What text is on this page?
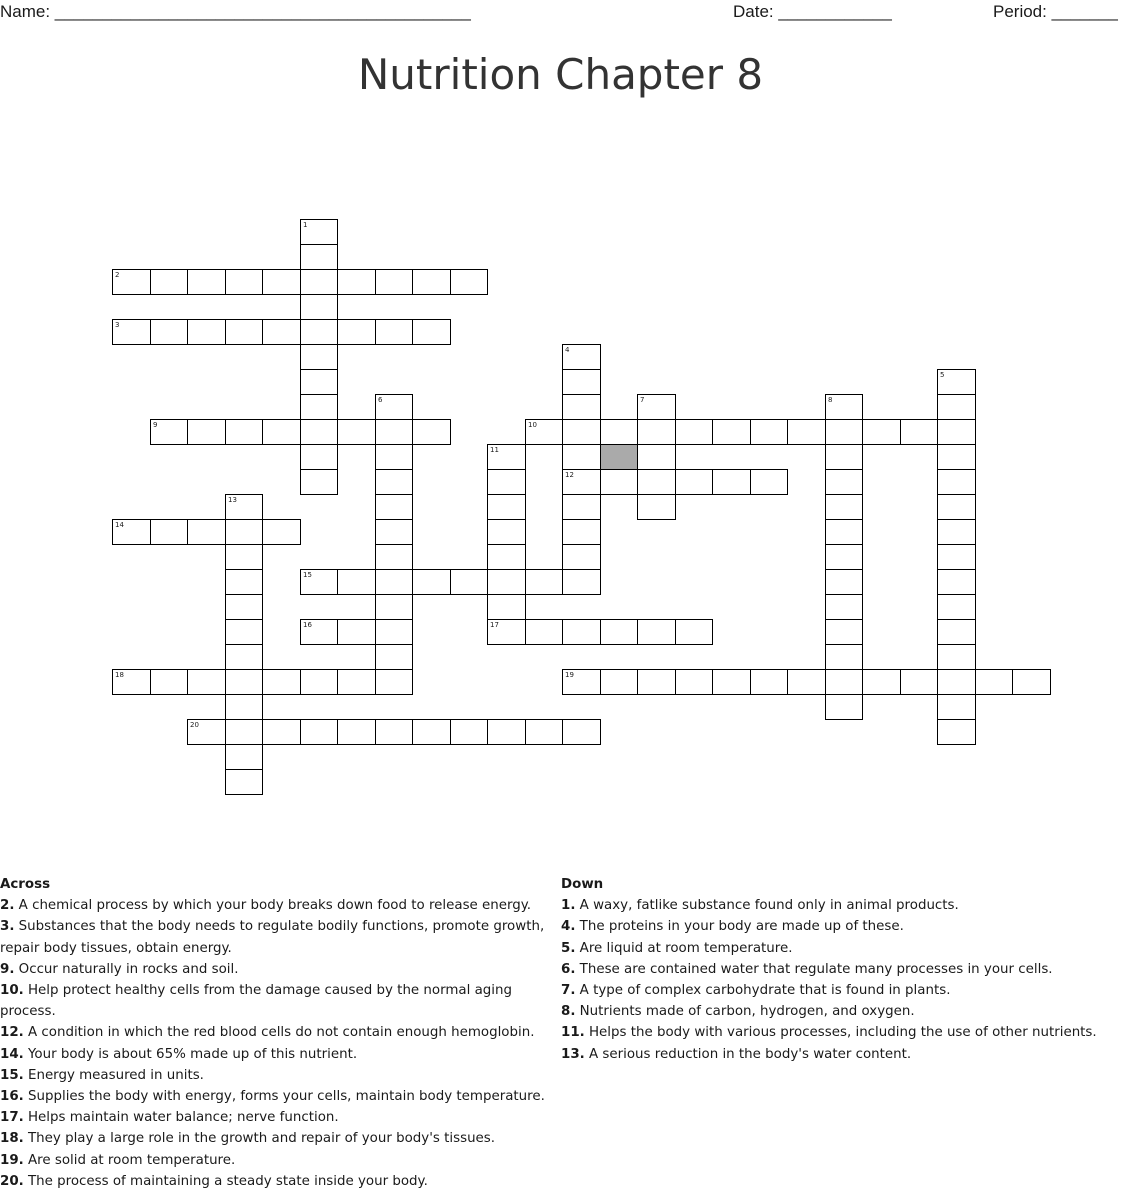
Name: ____________________________________________	Date: ____________	Period: _______
Nutrition Chapter 8
1
2
3
4
12
5
6	7	8
9	10
11
17
13
14
15
16
18	19
20
Across
2. A chemical process by which your body breaks down food to release energy.
3. Substances that the body needs to regulate bodily functions, promote growth, repair body tissues, obtain energy.
9. Occur naturally in rocks and soil.
10. Help protect healthy cells from the damage caused by the normal aging process.
12. A condition in which the red blood cells do not contain enough hemoglobin.
14. Your body is about 65% made up of this nutrient.
15. Energy measured in units.
16. Supplies the body with energy, forms your cells, maintain body temperature.
17. Helps maintain water balance; nerve function.
18. They play a large role in the growth and repair of your body's tissues.
19. Are solid at room temperature.
20. The process of maintaining a steady state inside your body.
Down
1. A waxy, fatlike substance found only in animal products.
4. The proteins in your body are made up of these.
5. Are liquid at room temperature.
6. These are contained water that regulate many processes in your cells.
7. A type of complex carbohydrate that is found in plants.
8. Nutrients made of carbon, hydrogen, and oxygen.
11. Helps the body with various processes, including the use of other nutrients.
13. A serious reduction in the body's water content.
